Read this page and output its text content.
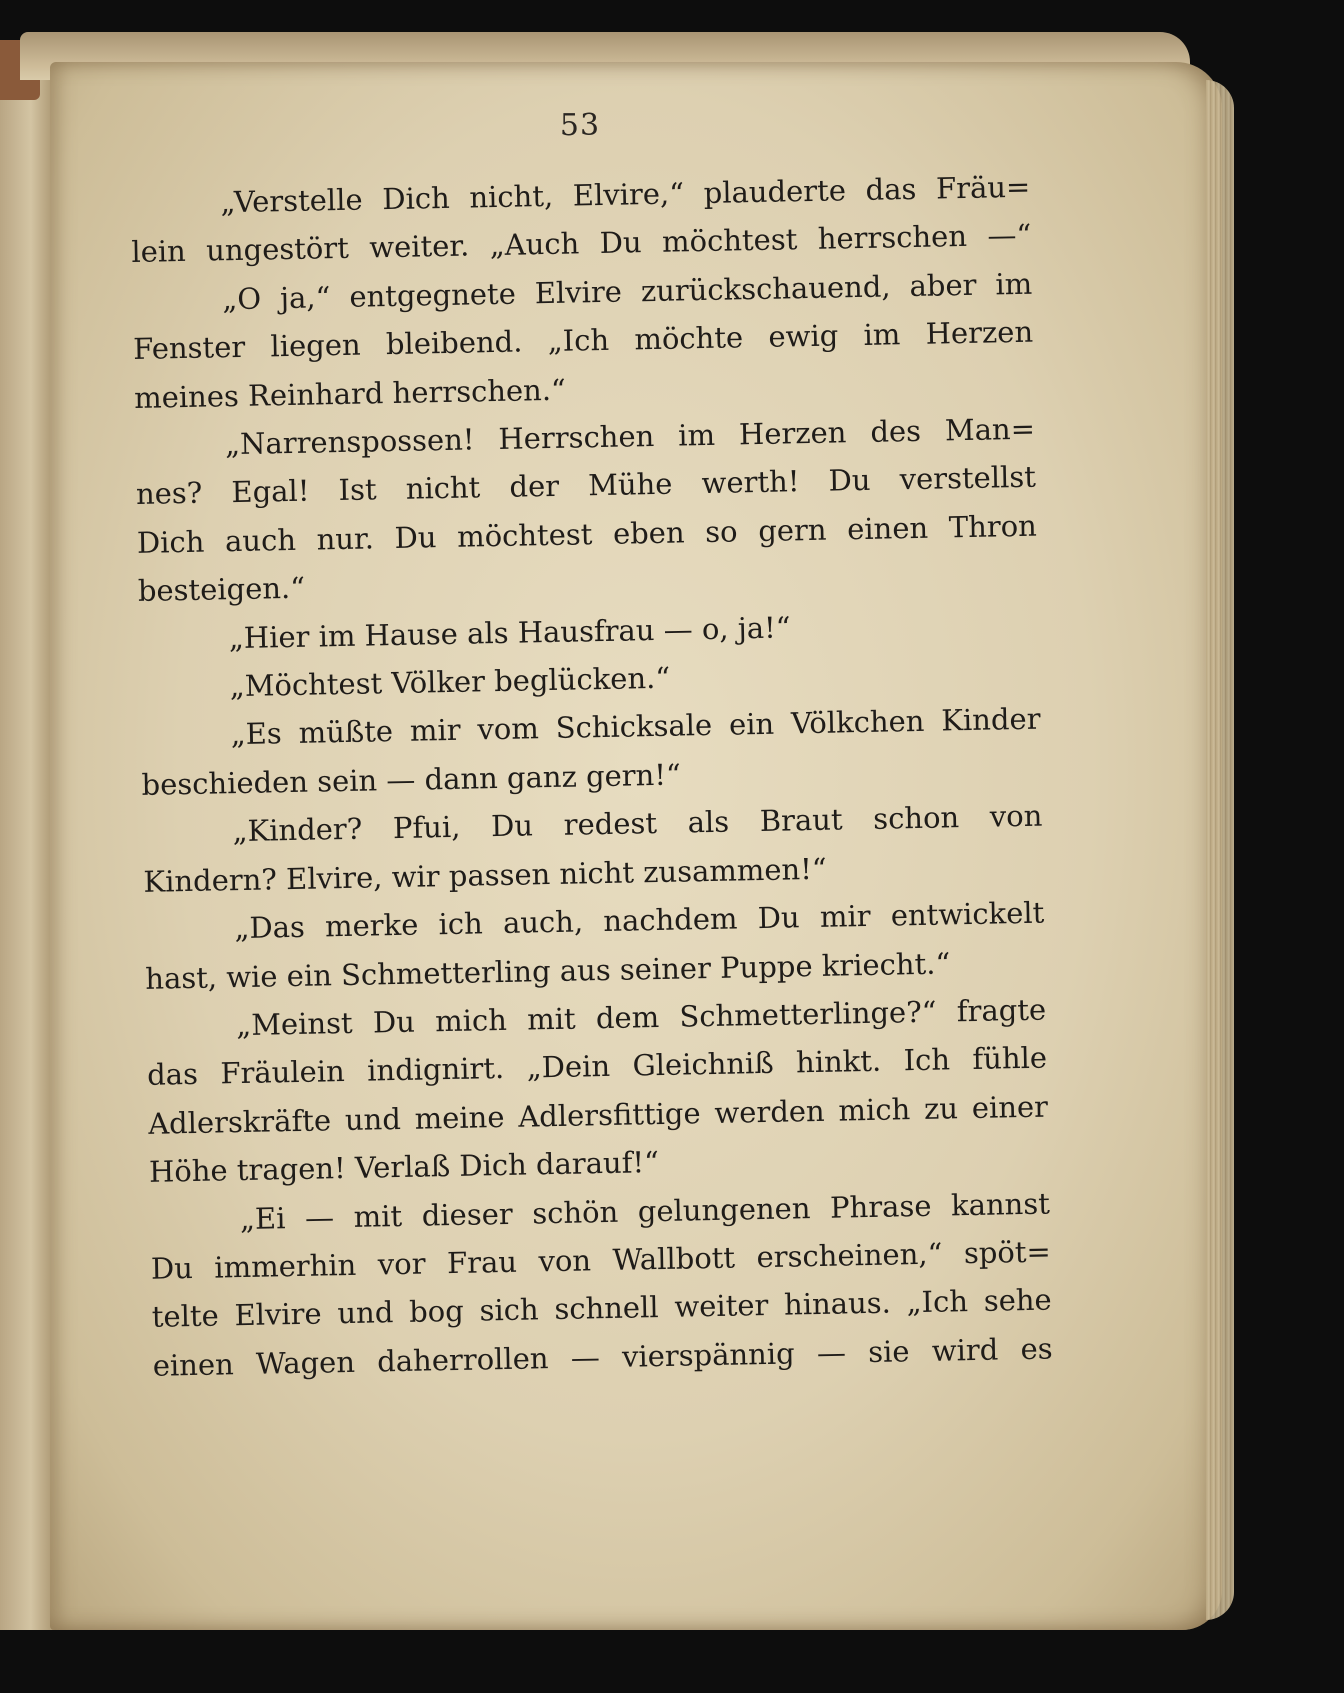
53
„Verstelle Dich nicht, Elvire,“ plauderte das Fräu=
lein ungestört weiter. „Auch Du möchtest herrschen —“
„O ja,“ entgegnete Elvire zurückschauend, aber im
Fenster liegen bleibend. „Ich möchte ewig im Herzen
meines Reinhard herrschen.“
„Narrenspossen! Herrschen im Herzen des Man=
nes? Egal! Ist nicht der Mühe werth! Du verstellst
Dich auch nur. Du möchtest eben so gern einen Thron
besteigen.“
„Hier im Hause als Hausfrau — o, ja!“
„Möchtest Völker beglücken.“
„Es müßte mir vom Schicksale ein Völkchen Kinder
beschieden sein — dann ganz gern!“
„Kinder? Pfui, Du redest als Braut schon von
Kindern? Elvire, wir passen nicht zusammen!“
„Das merke ich auch, nachdem Du mir entwickelt
hast, wie ein Schmetterling aus seiner Puppe kriecht.“
„Meinst Du mich mit dem Schmetterlinge?“ fragte
das Fräulein indignirt. „Dein Gleichniß hinkt. Ich fühle
Adlerskräfte und meine Adlersfittige werden mich zu einer
Höhe tragen! Verlaß Dich darauf!“
„Ei — mit dieser schön gelungenen Phrase kannst
Du immerhin vor Frau von Wallbott erscheinen,“ spöt=
telte Elvire und bog sich schnell weiter hinaus. „Ich sehe
einen Wagen daherrollen — vierspännig — sie wird es
